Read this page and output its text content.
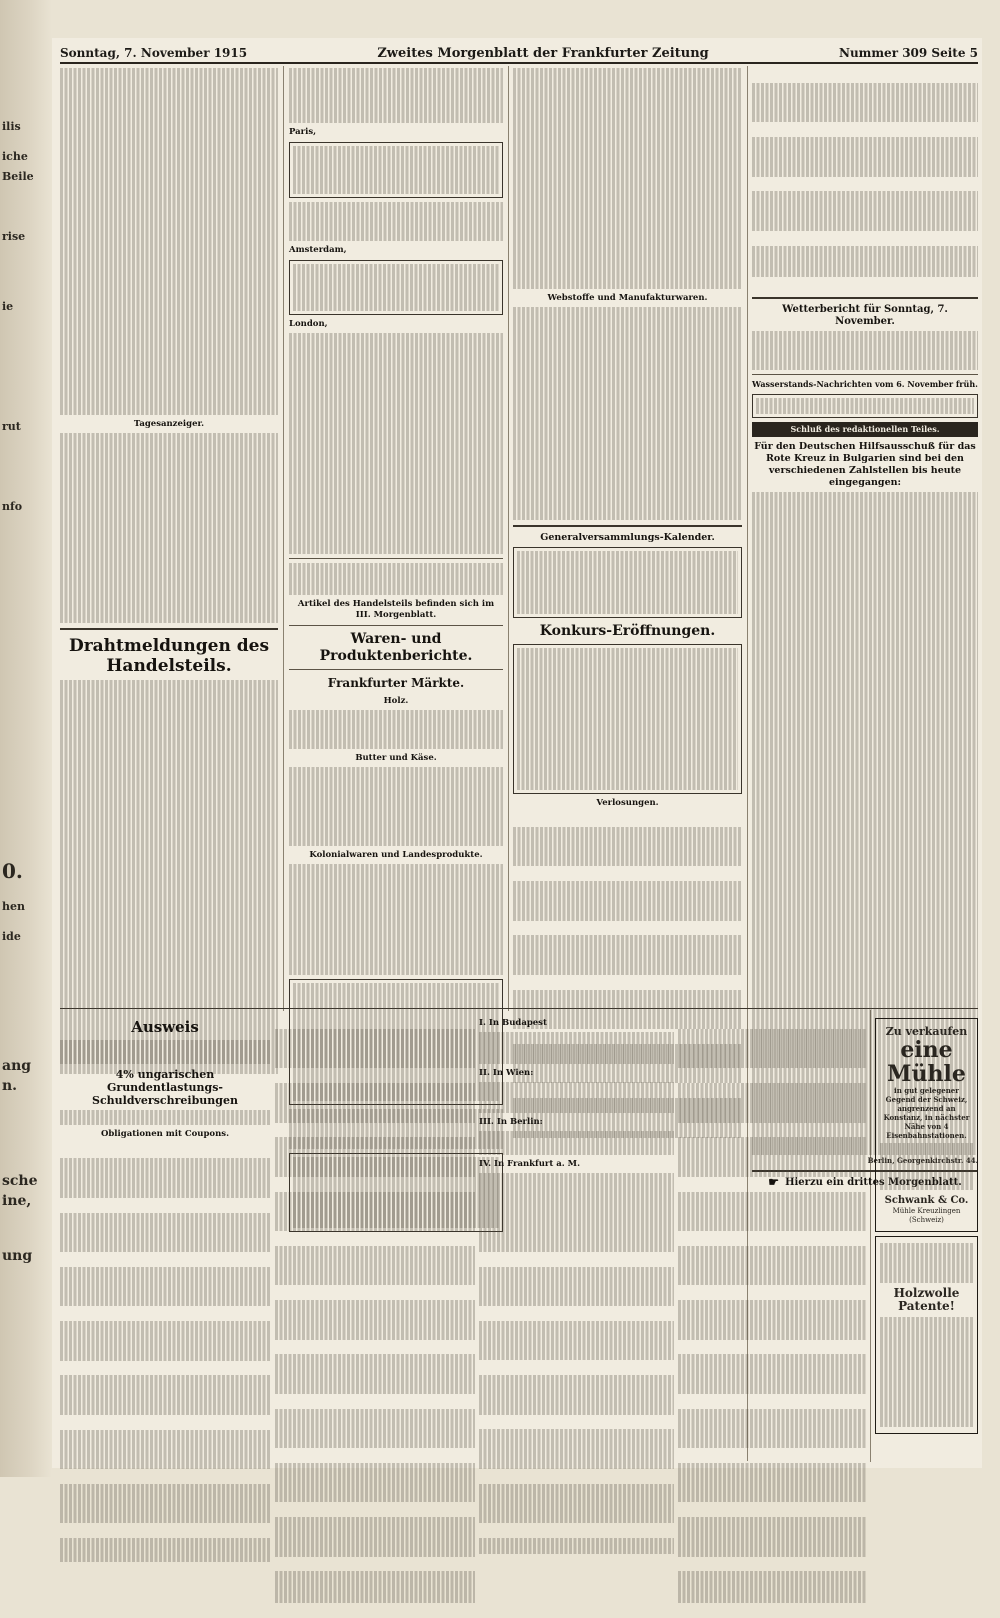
ilis
iche
Beile
rise
ie
rut
nfo
0.
hen
ide
ang
n.
sche
ine,
ung
Sonntag, 7. November 1915	Zweites Morgenblatt der Frankfurter Zeitung	Nummer 309 Seite 5
Tagesanzeiger.
Drahtmeldungen des Handelsteils.
Paris,
Amsterdam,
London,
Artikel des Handelsteils befinden sich im III. Morgenblatt.
Waren- und Produktenberichte.
Frankfurter Märkte.
Holz.
Butter und Käse.
Kolonialwaren und Landesprodukte.
Webstoffe und Manufakturwaren.
Generalversammlungs-Kalender.
Konkurs-Eröffnungen.
Verlosungen.

Wetterbericht für Sonntag, 7. November.
Wasserstands-Nachrichten vom 6. November früh.
Schluß des redaktionellen Teiles.
Für den Deutschen Hilfsausschuß für das Rote Kreuz in Bulgarien sind bei den verschiedenen Zahlstellen bis heute eingegangen:
Berlin, Georgenkirchstr. 44.
☛ Hierzu ein drittes Morgenblatt.
Ausweis
4% ungarischen Grundentlastungs-Schuldverschreibungen
Obligationen mit Coupons.

I. In Budapest
II. In Wien:
III. In Berlin:
IV. In Frankfurt a. M.

Zu verkaufen
eine Mühle
in gut gelegener Gegend der Schweiz, angrenzend an Konstanz, in nächster Nähe von 4 Eisenbahnstationen.
Schwank & Co.
Mühle Kreuzlingen (Schweiz)
Holzwolle Patente!
